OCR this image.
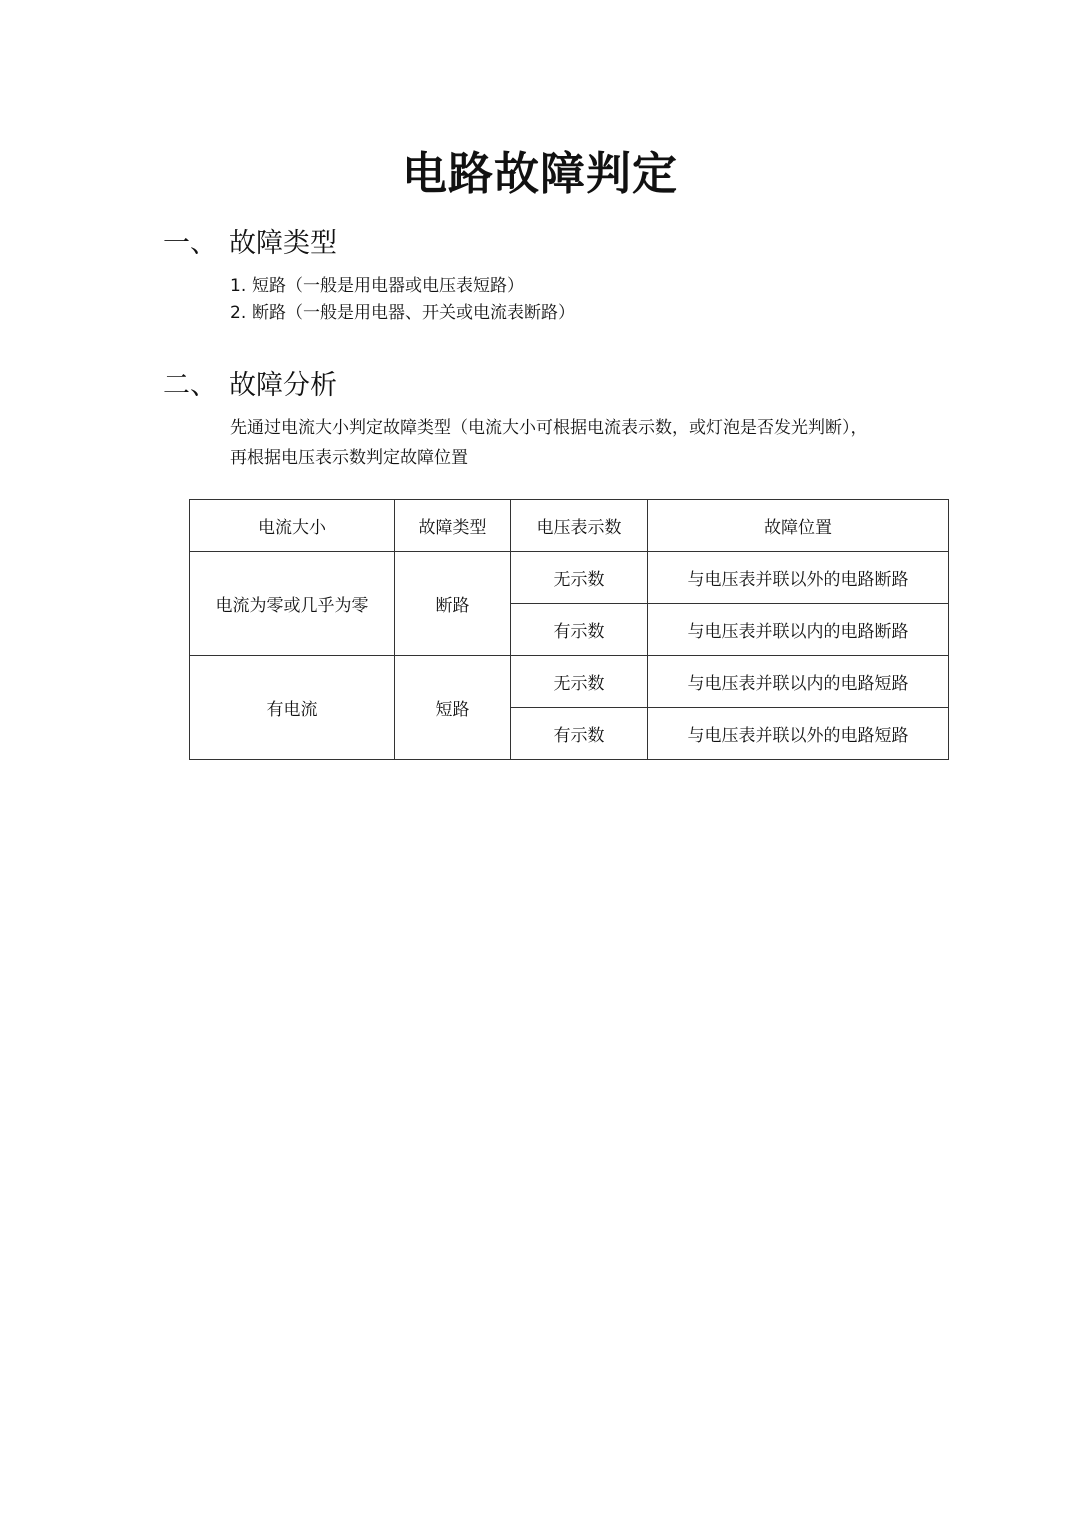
电路故障判定
一、 故障类型
1. 短路（一般是用电器或电压表短路）
2. 断路（一般是用电器、开关或电流表断路）
二、 故障分析
先通过电流大小判定故障类型（电流大小可根据电流表示数，或灯泡是否发光判断），
再根据电压表示数判定故障位置
电流大小	故障类型	电压表示数	故障位置
电流为零或几乎为零	断路	无示数	与电压表并联以外的电路断路
		有示数	与电压表并联以内的电路断路
有电流	短路	无示数	与电压表并联以内的电路短路
		有示数	与电压表并联以外的电路短路
